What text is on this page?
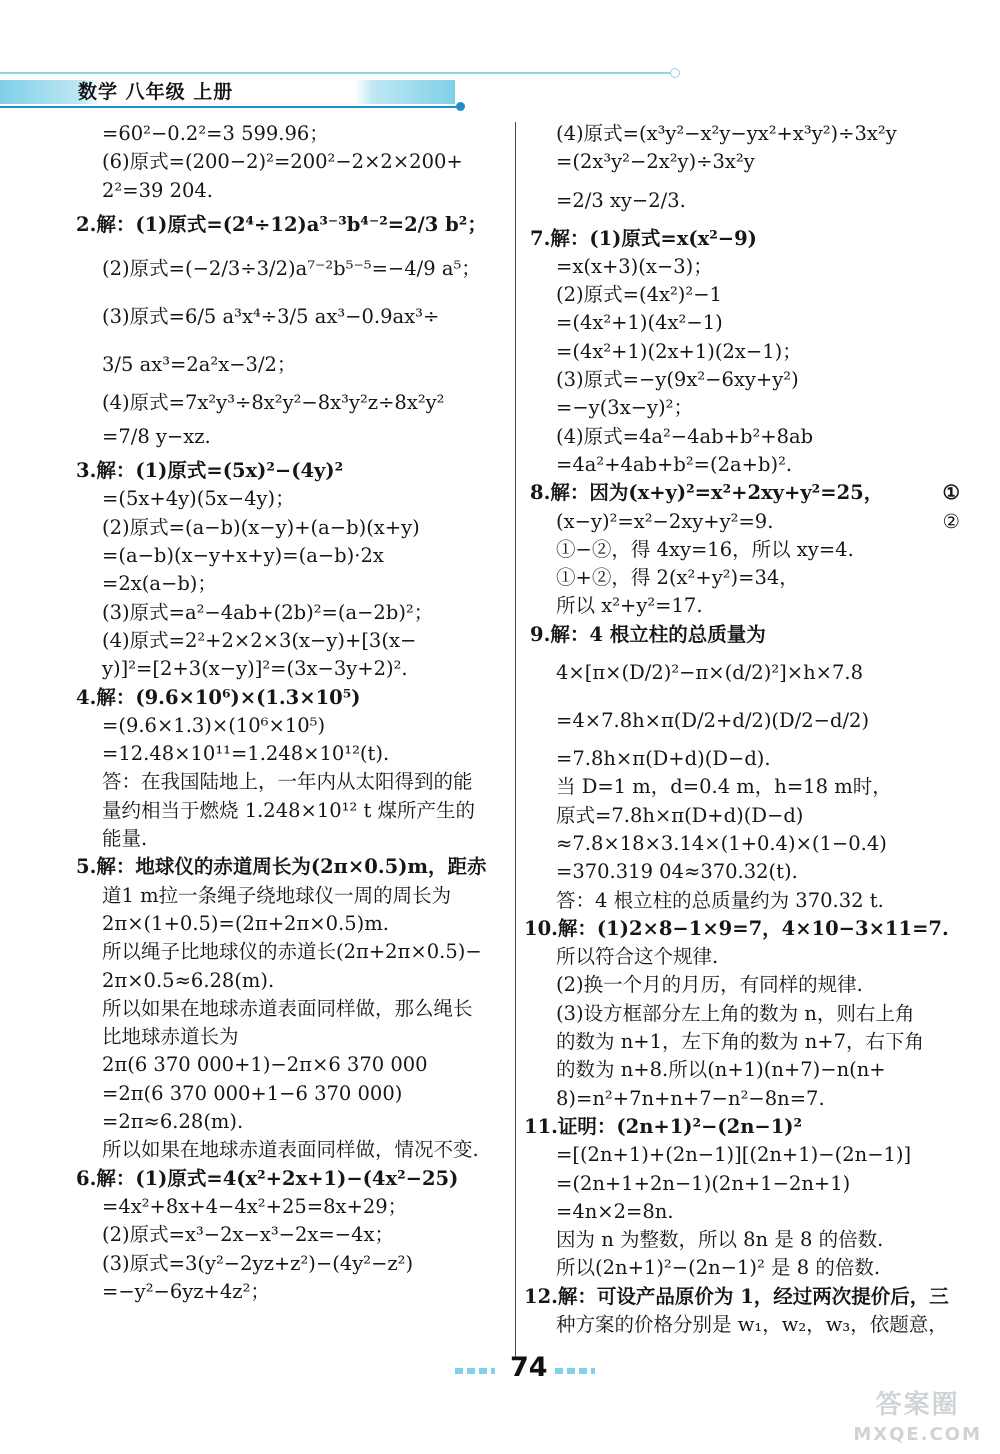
数学 八年级 上册
=60²−0.2²=3 599.96；
(6)原式=(200−2)²=200²−2×2×200+
2²=39 204.
2.解：(1)原式=(2⁴÷12)a³⁻³b⁴⁻²=2/3 b²；
(2)原式=(−2/3÷3/2)a⁷⁻²b⁵⁻⁵=−4/9 a⁵；
(3)原式=6/5 a³x⁴÷3/5 ax³−0.9ax³÷
3/5 ax³=2a²x−3/2；
(4)原式=7x²y³÷8x²y²−8x³y²z÷8x²y²
=7/8 y−xz.
3.解：(1)原式=(5x)²−(4y)²
=(5x+4y)(5x−4y)；
(2)原式=(a−b)(x−y)+(a−b)(x+y)
=(a−b)(x−y+x+y)=(a−b)·2x
=2x(a−b)；
(3)原式=a²−4ab+(2b)²=(a−2b)²；
(4)原式=2²+2×2×3(x−y)+[3(x−
y)]²=[2+3(x−y)]²=(3x−3y+2)².
4.解：(9.6×10⁶)×(1.3×10⁵)
=(9.6×1.3)×(10⁶×10⁵)
=12.48×10¹¹=1.248×10¹²(t).
答：在我国陆地上，一年内从太阳得到的能
量约相当于燃烧 1.248×10¹² t 煤所产生的
能量.
5.解：地球仪的赤道周长为(2π×0.5)m，距赤
道1 m拉一条绳子绕地球仪一周的周长为
2π×(1+0.5)=(2π+2π×0.5)m.
所以绳子比地球仪的赤道长(2π+2π×0.5)−
2π×0.5≈6.28(m).
所以如果在地球赤道表面同样做，那么绳长
比地球赤道长为
2π(6 370 000+1)−2π×6 370 000
=2π(6 370 000+1−6 370 000)
=2π≈6.28(m).
所以如果在地球赤道表面同样做，情况不变.
6.解：(1)原式=4(x²+2x+1)−(4x²−25)
=4x²+8x+4−4x²+25=8x+29；
(2)原式=x³−2x−x³−2x=−4x；
(3)原式=3(y²−2yz+z²)−(4y²−z²)
=−y²−6yz+4z²；
(4)原式=(x³y²−x²y−yx²+x³y²)÷3x²y
=(2x³y²−2x²y)÷3x²y
=2/3 xy−2/3.
7.解：(1)原式=x(x²−9)
=x(x+3)(x−3)；
(2)原式=(4x²)²−1
=(4x²+1)(4x²−1)
=(4x²+1)(2x+1)(2x−1)；
(3)原式=−y(9x²−6xy+y²)
=−y(3x−y)²；
(4)原式=4a²−4ab+b²+8ab
=4a²+4ab+b²=(2a+b)².
8.解：因为(x+y)²=x²+2xy+y²=25，	①
(x−y)²=x²−2xy+y²=9.	②
①−②，得 4xy=16，所以 xy=4.
①+②，得 2(x²+y²)=34，
所以 x²+y²=17.
9.解：4 根立柱的总质量为
4×[π×(D/2)²−π×(d/2)²]×h×7.8
=4×7.8h×π(D/2+d/2)(D/2−d/2)
=7.8h×π(D+d)(D−d).
当 D=1 m，d=0.4 m，h=18 m时，
原式=7.8h×π(D+d)(D−d)
≈7.8×18×3.14×(1+0.4)×(1−0.4)
=370.319 04≈370.32(t).
答：4 根立柱的总质量约为 370.32 t.
10.解：(1)2×8−1×9=7，4×10−3×11=7.
所以符合这个规律.
(2)换一个月的月历，有同样的规律.
(3)设方框部分左上角的数为 n，则右上角
的数为 n+1，左下角的数为 n+7，右下角
的数为 n+8.所以(n+1)(n+7)−n(n+
8)=n²+7n+n+7−n²−8n=7.
11.证明：(2n+1)²−(2n−1)²
=[(2n+1)+(2n−1)][(2n+1)−(2n−1)]
=(2n+1+2n−1)(2n+1−2n+1)
=4n×2=8n.
因为 n 为整数，所以 8n 是 8 的倍数.
所以(2n+1)²−(2n−1)² 是 8 的倍数.
12.解：可设产品原价为 1，经过两次提价后，三
种方案的价格分别是 w₁，w₂，w₃，依题意，
74
答案圈
MXQE.COM
